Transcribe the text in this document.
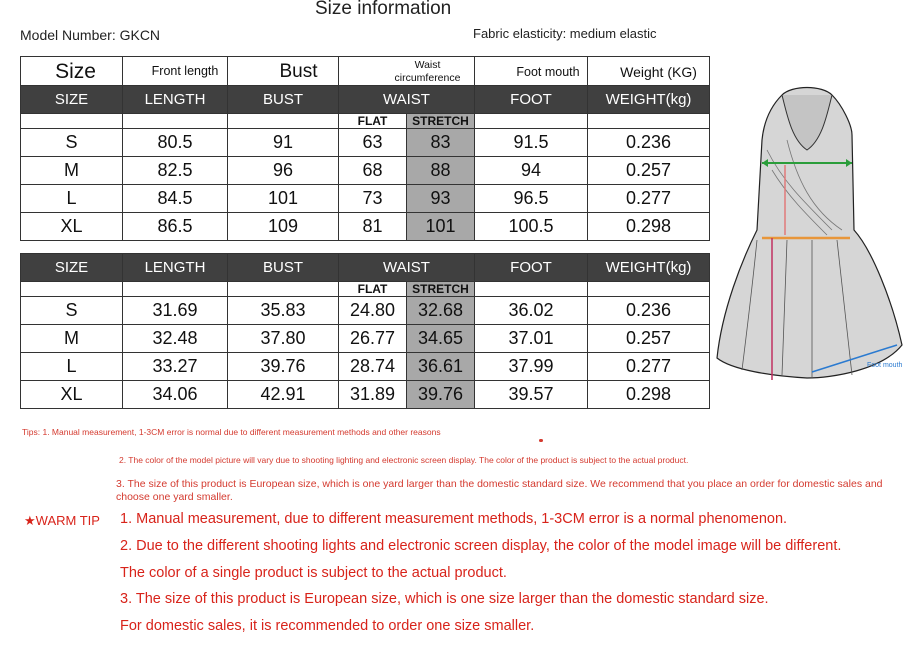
Size information
Model Number: GKCN	Fabric elasticity: medium elastic
Size	Front length	Bust	Waist circumference	Foot mouth	Weight (KG)
SIZE	LENGTH	BUST	WAIST		FOOT	WEIGHT(kg)
			FLAT	STRETCH		
S	80.5	91	63	83	91.5	0.236
M	82.5	96	68	88	94	0.257
L	84.5	101	73	93	96.5	0.277
XL	86.5	109	81	101	100.5	0.298
SIZE	LENGTH	BUST	WAIST		FOOT	WEIGHT(kg)
			FLAT	STRETCH		
S	31.69	35.83	24.80	32.68	36.02	0.236
M	32.48	37.80	26.77	34.65	37.01	0.257
L	33.27	39.76	28.74	36.61	37.99	0.277
XL	34.06	42.91	31.89	39.76	39.57	0.298
Foot mouth
Tips: 1. Manual measurement, 1-3CM error is normal due to different measurement methods and other reasons
2. The color of the model picture will vary due to shooting lighting and electronic screen display. The color of the product is subject to the actual product.
3. The size of this product is European size, which is one yard larger than the domestic standard size. We recommend that you place an order for domestic sales and choose one yard smaller.
★WARM TIP 1. Manual measurement, due to different measurement methods, 1-3CM error is a normal phenomenon.
2. Due to the different shooting lights and electronic screen display, the color of the model image will be different.
The color of a single product is subject to the actual product.
3. The size of this product is European size, which is one size larger than the domestic standard size.
For domestic sales, it is recommended to order one size smaller.
